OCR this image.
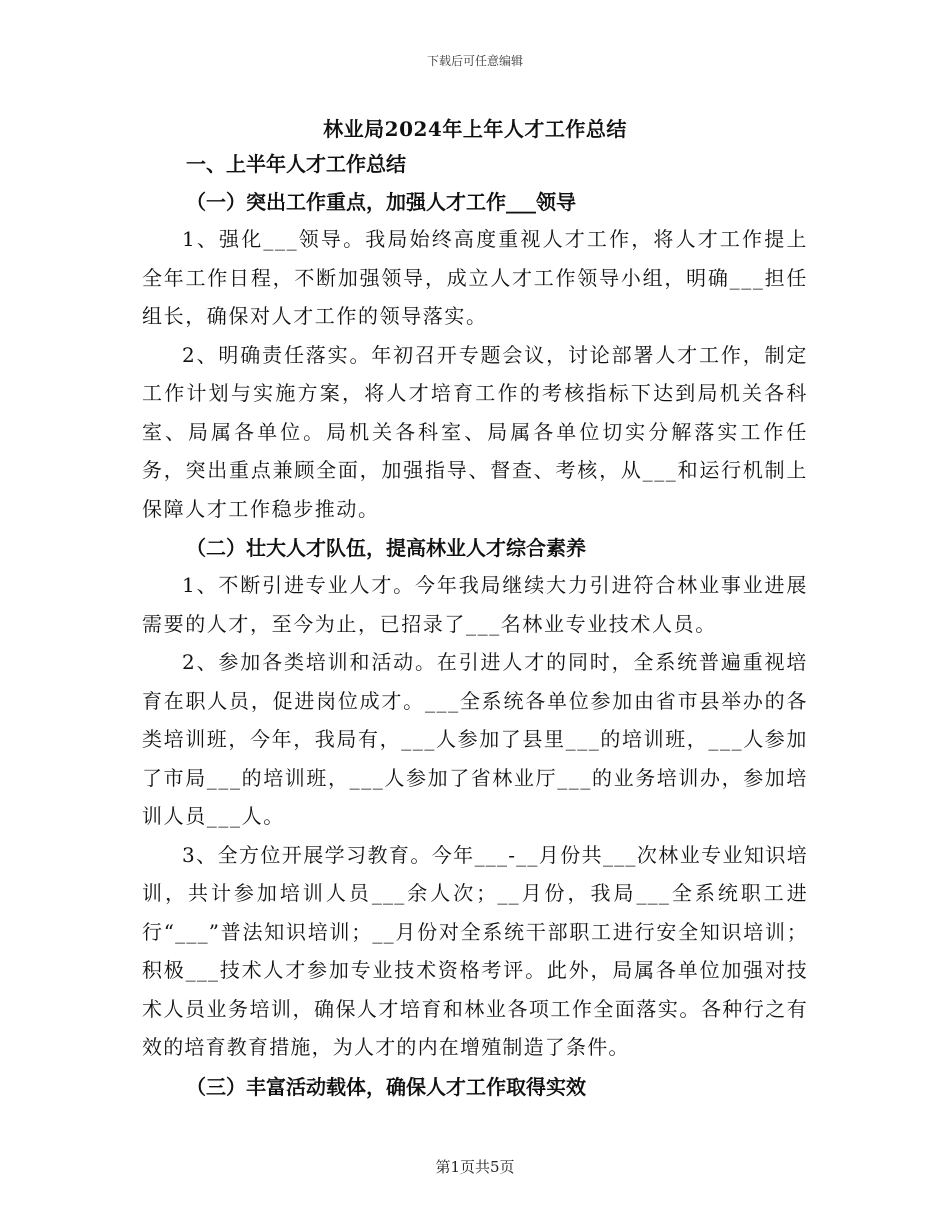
下载后可任意编辑
林业局2024年上年人才工作总结
一、上半年人才工作总结
（一）突出工作重点，加强人才工作___领导

1、强化___领导。我局始终高度重视人才工作，将人才工作提上全年工作日程，不断加强领导，成立人才工作领导小组，明确___担任组长，确保对人才工作的领导落实。

2、明确责任落实。年初召开专题会议，讨论部署人才工作，制定工作计划与实施方案，将人才培育工作的考核指标下达到局机关各科室、局属各单位。局机关各科室、局属各单位切实分解落实工作任务，突出重点兼顾全面，加强指导、督查、考核，从___和运行机制上保障人才工作稳步推动。

（二）壮大人才队伍，提高林业人才综合素养

1、不断引进专业人才。今年我局继续大力引进符合林业事业进展需要的人才，至今为止，已招录了___名林业专业技术人员。

2、参加各类培训和活动。在引进人才的同时，全系统普遍重视培育在职人员，促进岗位成才。___全系统各单位参加由省市县举办的各类培训班，今年，我局有，___人参加了县里___的培训班，___人参加了市局___的培训班，___人参加了省林业厅___的业务培训办，参加培训人员___人。

3、全方位开展学习教育。今年___-__月份共___次林业专业知识培训，共计参加培训人员___余人次；__月份，我局___全系统职工进行“___”普法知识培训；__月份对全系统干部职工进行安全知识培训；积极___技术人才参加专业技术资格考评。此外，局属各单位加强对技术人员业务培训，确保人才培育和林业各项工作全面落实。各种行之有效的培育教育措施，为人才的内在增殖制造了条件。

（三）丰富活动载体，确保人才工作取得实效
第1页共5页
